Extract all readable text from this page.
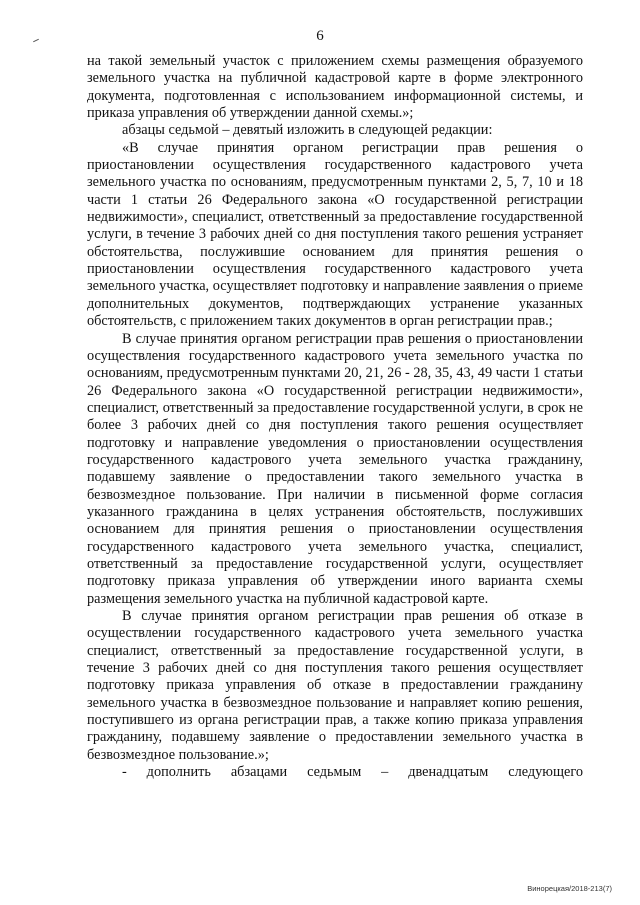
6

на такой земельный участок с приложением схемы размещения образуемого земельного участка на публичной кадастровой карте в форме электронного документа, подготовленная с использованием информационной системы, и приказа управления об утверждении данной схемы.»;

абзацы седьмой – девятый изложить в следующей редакции:

«В случае принятия органом регистрации прав решения о приостановлении осуществления государственного кадастрового учета земельного участка по основаниям, предусмотренным пунктами 2, 5, 7, 10 и 18 части 1 статьи 26 Федерального закона «О государственной регистрации недвижимости», специалист, ответственный за предоставление государственной услуги, в течение 3 рабочих дней со дня поступления такого решения устраняет обстоятельства, послужившие основанием для принятия решения о приостановлении осуществления государственного кадастрового учета земельного участка, осуществляет подготовку и направление заявления о приеме дополнительных документов, подтверждающих устранение указанных обстоятельств, с приложением таких документов в орган регистрации прав.;

В случае принятия органом регистрации прав решения о приостановлении осуществления государственного кадастрового учета земельного участка по основаниям, предусмотренным пунктами 20, 21, 26 - 28, 35, 43, 49 части 1 статьи 26 Федерального закона «О государственной регистрации недвижимости», специалист, ответственный за предоставление государственной услуги, в срок не более 3 рабочих дней со дня поступления такого решения осуществляет подготовку и направление уведомления о приостановлении осуществления государственного кадастрового учета земельного участка гражданину, подавшему заявление о предоставлении такого земельного участка в безвозмездное пользование. При наличии в письменной форме согласия указанного гражданина в целях устранения обстоятельств, послуживших основанием для принятия решения о приостановлении осуществления государственного кадастрового учета земельного участка, специалист, ответственный за предоставление государственной услуги, осуществляет подготовку приказа управления об утверждении иного варианта схемы размещения земельного участка на публичной кадастровой карте.

В случае принятия органом регистрации прав решения об отказе в осуществлении государственного кадастрового учета земельного участка специалист, ответственный за предоставление государственной услуги, в течение 3 рабочих дней со дня поступления такого решения осуществляет подготовку приказа управления об отказе в предоставлении гражданину земельного участка в безвозмездное пользование и направляет копию решения, поступившего из органа регистрации прав, а также копию приказа управления гражданину, подавшему заявление о предоставлении земельного участка в безвозмездное пользование.»;

- дополнить абзацами седьмым – двенадцатым следующего

Винорецкая/2018-213(7)
